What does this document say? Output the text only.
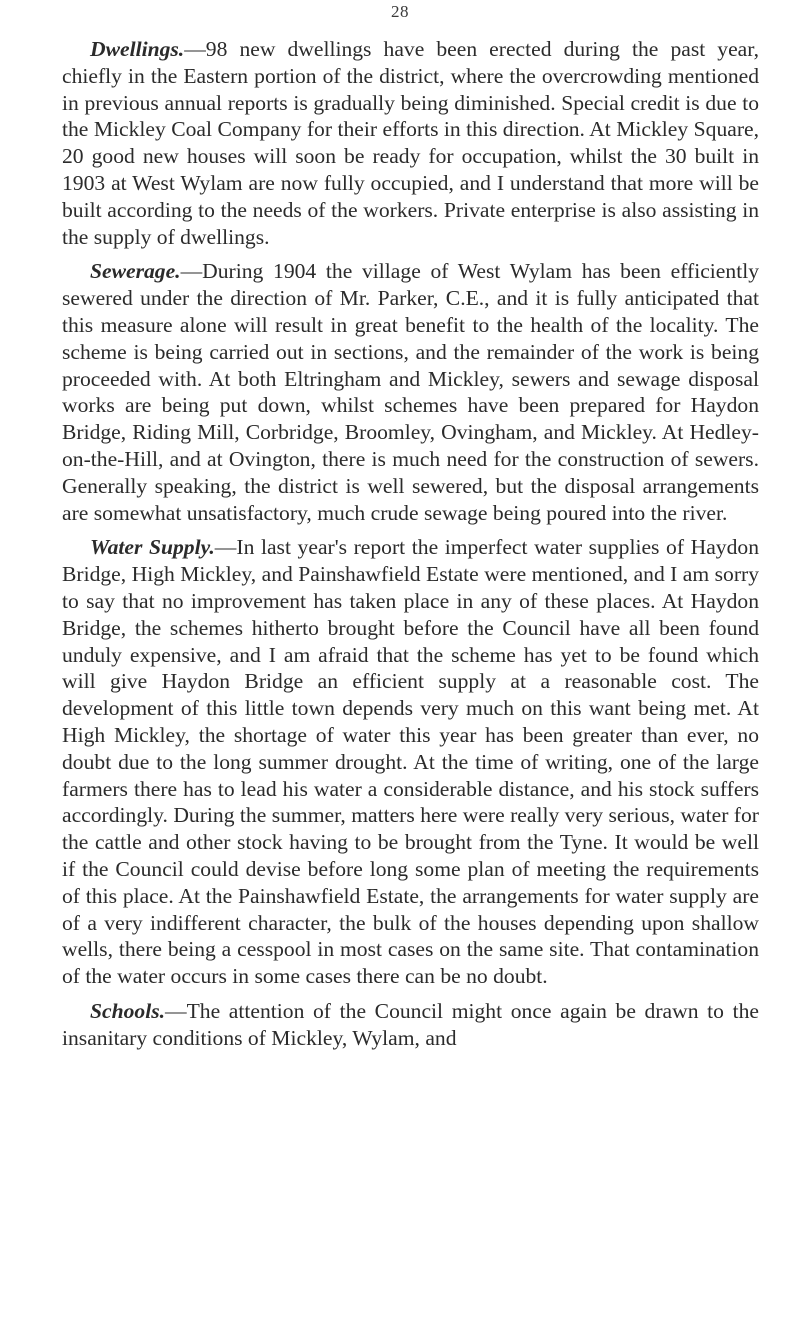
28

Dwellings.—98 new dwellings have been erected during the past year, chiefly in the Eastern portion of the district, where the overcrowding mentioned in previous annual reports is gradually being diminished. Special credit is due to the Mickley Coal Company for their efforts in this direction. At Mickley Square, 20 good new houses will soon be ready for occupation, whilst the 30 built in 1903 at West Wylam are now fully occupied, and I understand that more will be built according to the needs of the workers. Private enterprise is also assisting in the supply of dwellings.

Sewerage.—During 1904 the village of West Wylam has been efficiently sewered under the direction of Mr. Parker, C.E., and it is fully anticipated that this measure alone will result in great benefit to the health of the locality. The scheme is being carried out in sections, and the remainder of the work is being proceeded with. At both Eltringham and Mickley, sewers and sewage disposal works are being put down, whilst schemes have been prepared for Haydon Bridge, Riding Mill, Corbridge, Broomley, Ovingham, and Mickley. At Hedley-on-the-Hill, and at Ovington, there is much need for the construction of sewers. Generally speaking, the district is well sewered, but the disposal arrangements are somewhat unsatisfactory, much crude sewage being poured into the river.

Water Supply.—In last year's report the imperfect water supplies of Haydon Bridge, High Mickley, and Painshawfield Estate were mentioned, and I am sorry to say that no improvement has taken place in any of these places. At Haydon Bridge, the schemes hitherto brought before the Council have all been found unduly expensive, and I am afraid that the scheme has yet to be found which will give Haydon Bridge an efficient supply at a reasonable cost. The development of this little town depends very much on this want being met. At High Mickley, the shortage of water this year has been greater than ever, no doubt due to the long summer drought. At the time of writing, one of the large farmers there has to lead his water a considerable distance, and his stock suffers accordingly. During the summer, matters here were really very serious, water for the cattle and other stock having to be brought from the Tyne. It would be well if the Council could devise before long some plan of meeting the requirements of this place. At the Painshawfield Estate, the arrangements for water supply are of a very indifferent character, the bulk of the houses depending upon shallow wells, there being a cesspool in most cases on the same site. That contamination of the water occurs in some cases there can be no doubt.

Schools.—The attention of the Council might once again be drawn to the insanitary conditions of Mickley, Wylam, and
